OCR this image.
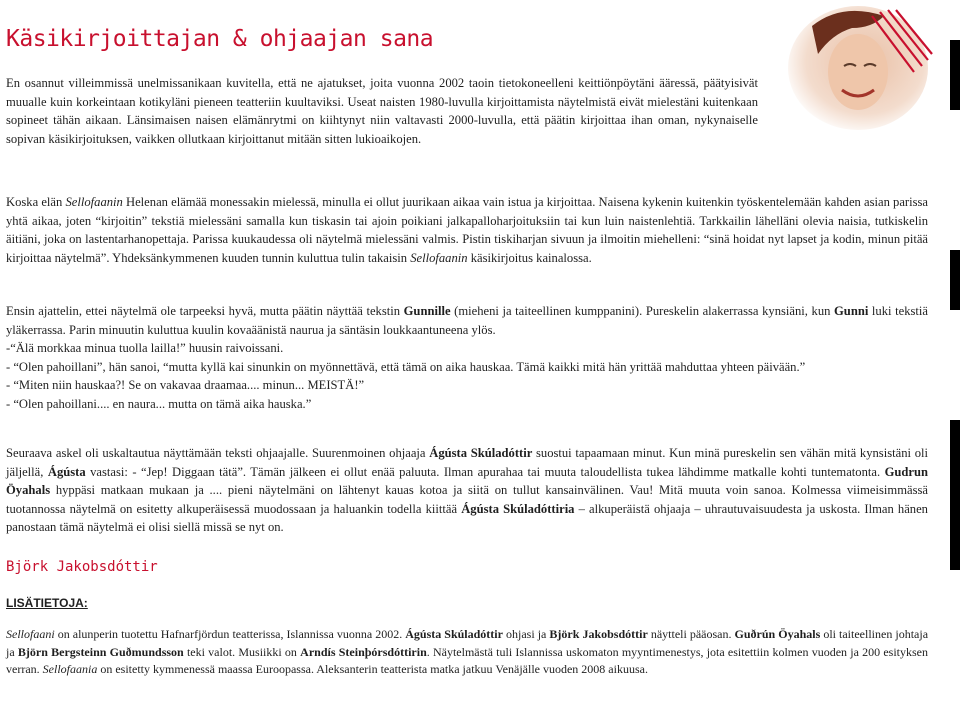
Käsikirjoittajan & ohjaajan sana

En osannut villeimmissä unelmissanikaan kuvitella, että ne ajatukset, joita vuonna 2002 taoin tietokoneelleni keittiönpöytäni ääressä, päätyisivät muualle kuin korkeintaan kotikyläni pieneen teatteriin kuultaviksi. Useat naisten 1980-luvulla kirjoittamista näytelmistä eivät mielestäni kuitenkaan sopineet tähän aikaan. Länsimaisen naisen elämänrytmi on kiihtynyt niin valtavasti 2000-luvulla, että päätin kirjoittaa ihan oman, nykynaiselle sopivan käsikirjoituksen, vaikken ollutkaan kirjoittanut mitään sitten lukioaikojen.

Koska elän Sellofaanin Helenan elämää monessakin mielessä, minulla ei ollut juurikaan aikaa vain istua ja kirjoittaa. Naisena kykenin kuitenkin työskentelemään kahden asian parissa yhtä aikaa, joten “kirjoitin” tekstiä mielessäni samalla kun tiskasin tai ajoin poikiani jalkapalloharjoituksiin tai kun luin naistenlehtiä. Tarkkailin lähelläni olevia naisia, tutkiskelin äitiäni, joka on lastentarhanopettaja. Parissa kuukaudessa oli näytelmä mielessäni valmis. Pistin tiskiharjan sivuun ja ilmoitin miehelleni: “sinä hoidat nyt lapset ja kodin, minun pitää kirjoittaa näytelmä”. Yhdeksänkymmenen kuuden tunnin kuluttua tulin takaisin Sellofaanin käsikirjoitus kainalossa.

Ensin ajattelin, ettei näytelmä ole tarpeeksi hyvä, mutta päätin näyttää tekstin Gunnille (mieheni ja taiteellinen kumppanini). Pureskelin alakerrassa kynsiäni, kun Gunni luki tekstiä yläkerrassa. Parin minuutin kuluttua kuulin kovaäänistä naurua ja säntäsin loukkaantuneena ylös.
-“Älä morkkaa minua tuolla lailla!” huusin raivoissani.
- “Olen pahoillani”, hän sanoi, “mutta kyllä kai sinunkin on myönnettävä, että tämä on aika hauskaa. Tämä kaikki mitä hän yrittää mahduttaa yhteen päivään.”
- “Miten niin hauskaa?! Se on vakavaa draamaa.... minun... MEISTÄ!”
- “Olen pahoillani.... en naura... mutta on tämä aika hauska.”

Seuraava askel oli uskaltautua näyttämään teksti ohjaajalle. Suurenmoinen ohjaaja Ágústa Skúladóttir suostui tapaamaan minut. Kun minä pureskelin sen vähän mitä kynsistäni oli jäljellä, Ágústa vastasi: - “Jep! Diggaan tätä”. Tämän jälkeen ei ollut enää paluuta. Ilman apurahaa tai muuta taloudellista tukea lähdimme matkalle kohti tuntematonta. Gudrun Öyahals hyppäsi matkaan mukaan ja .... pieni näytelmäni on lähtenyt kauas kotoa ja siitä on tullut kansainvälinen. Vau! Mitä muuta voin sanoa. Kolmessa viimeisimmässä tuotannossa näytelmä on esitetty alkuperäisessä muodossaan ja haluankin todella kiittää Ágústa Skúladóttiria – alkuperäistä ohjaaja – uhrautuvaisuudesta ja uskosta. Ilman hänen panostaan tämä näytelmä ei olisi siellä missä se nyt on.

Björk Jakobsdóttir
LISÄTIETOJA:

Sellofaani on alunperin tuotettu Hafnarfjördun teatterissa, Islannissa vuonna 2002. Ágústa Skúladóttir ohjasi ja Björk Jakobsdóttir näytteli pääosan. Guðrún Öyahals oli taiteellinen johtaja ja Björn Bergsteinn Guðmundsson teki valot. Musiikki on Arndís Steinþórsdóttirin. Näytelmästä tuli Islannissa uskomaton myyntimenestys, jota esitettiin kolmen vuoden ja 200 esityksen verran. Sellofaania on esitetty kymmenessä maassa Euroopassa. Aleksanterin teatterista matka jatkuu Venäjälle vuoden 2008 aikuusa.
